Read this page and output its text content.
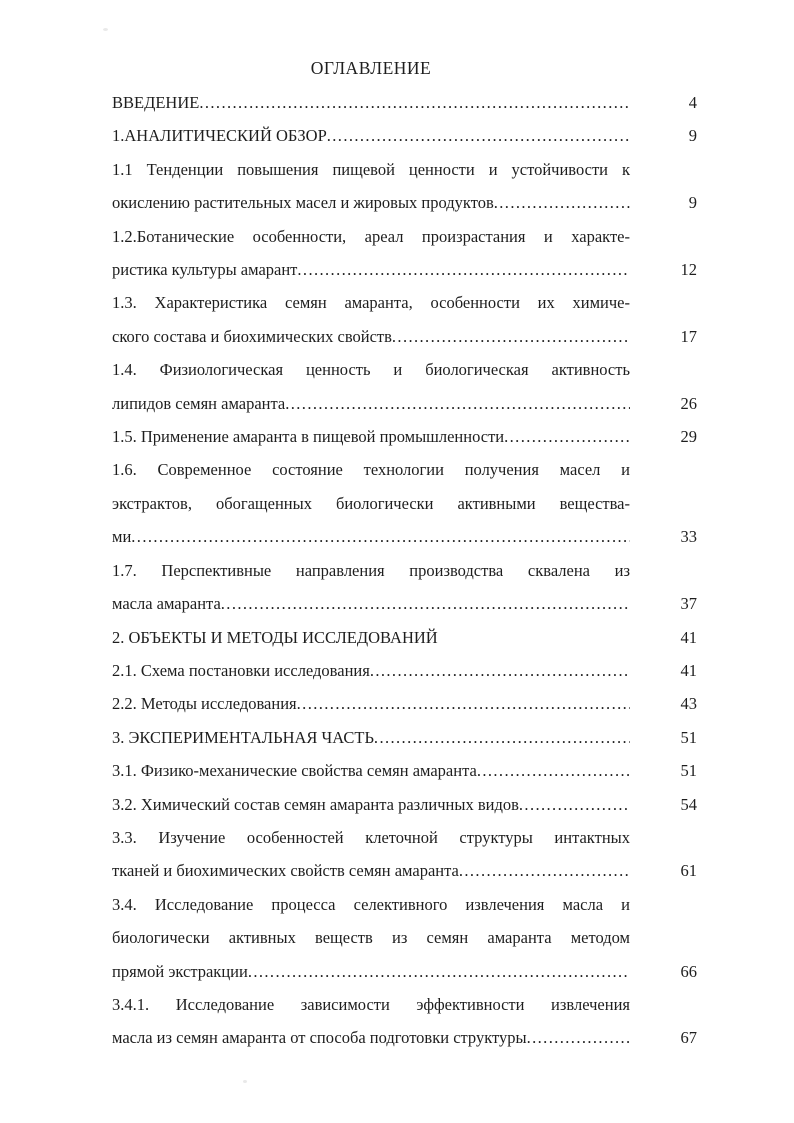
ОГЛАВЛЕНИЕ
ВВЕДЕНИЕ .....	4
1.АНАЛИТИЧЕСКИЙ ОБЗОР .....	9
1.1 Тенденции повышения пищевой ценности и устойчивости к
окислению растительных масел и жировых продуктов .....	9
1.2.Ботанические особенности, ареал произрастания и характе-
ристика культуры амарант .....	12
1.3. Характеристика семян амаранта, особенности их химиче-
ского состава и биохимических свойств .....	17
1.4. Физиологическая ценность и биологическая активность
липидов семян амаранта .....	26
1.5. Применение амаранта в пищевой промышленности .....	29
1.6. Современное состояние технологии получения масел и
экстрактов, обогащенных биологически активными вещества-
ми .....	33
1.7. Перспективные направления производства сквалена из
масла амаранта .....	37
2. ОБЪЕКТЫ И МЕТОДЫ ИССЛЕДОВАНИЙ	41
2.1. Схема постановки исследования .....	41
2.2. Методы исследования .....	43
3. ЭКСПЕРИМЕНТАЛЬНАЯ ЧАСТЬ .....	51
3.1. Физико-механические свойства семян амаранта .....	51
3.2. Химический состав семян амаранта различных видов .....	54
3.3. Изучение особенностей клеточной структуры интактных
тканей и биохимических свойств семян амаранта .....	61
3.4. Исследование процесса селективного извлечения масла и
биологически активных веществ из семян амаранта методом
прямой экстракции .....	66
3.4.1. Исследование зависимости эффективности извлечения
масла из семян амаранта от способа подготовки структуры .....	67
